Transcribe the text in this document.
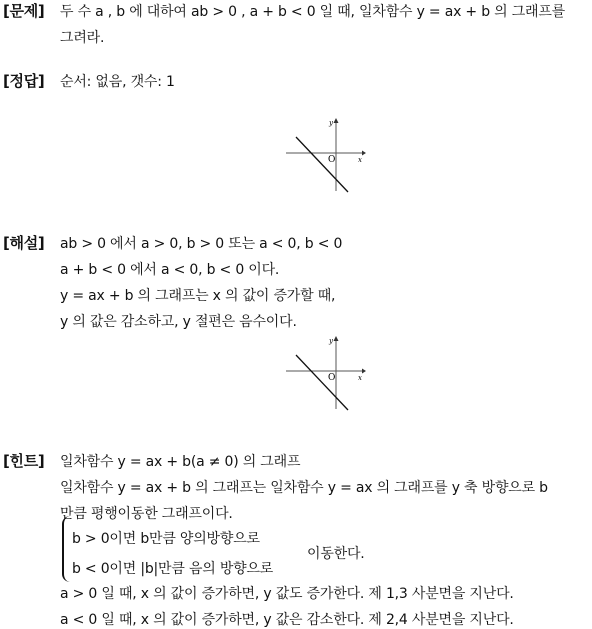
[문제] 두 수 a , b 에 대하여 ab > 0 , a + b < 0 일 때, 일차함수 y = ax + b 의 그래프를
그려라.
[정답] 순서: 없음, 갯수: 1
y
O	x
[해설] ab > 0 에서 a > 0, b > 0 또는 a < 0, b < 0
a + b < 0 에서 a < 0, b < 0 이다.
y = ax + b 의 그래프는 x 의 값이 증가할 때,
y 의 값은 감소하고, y 절편은 음수이다.
y
O	x
[힌트] 일차함수 y = ax + b(a ≠ 0) 의 그래프
일차함수 y = ax + b 의 그래프는 일차함수 y = ax 의 그래프를 y 축 방향으로 b
만큼 평행이동한 그래프이다.
b > 0이면 b만큼 양의방향으로
b < 0이면 |b|만큼 음의 방향으로
이동한다.
a > 0 일 때, x 의 값이 증가하면, y 값도 증가한다. 제 1,3 사분면을 지난다.
a < 0 일 때, x 의 값이 증가하면, y 값은 감소한다. 제 2,4 사분면을 지난다.
